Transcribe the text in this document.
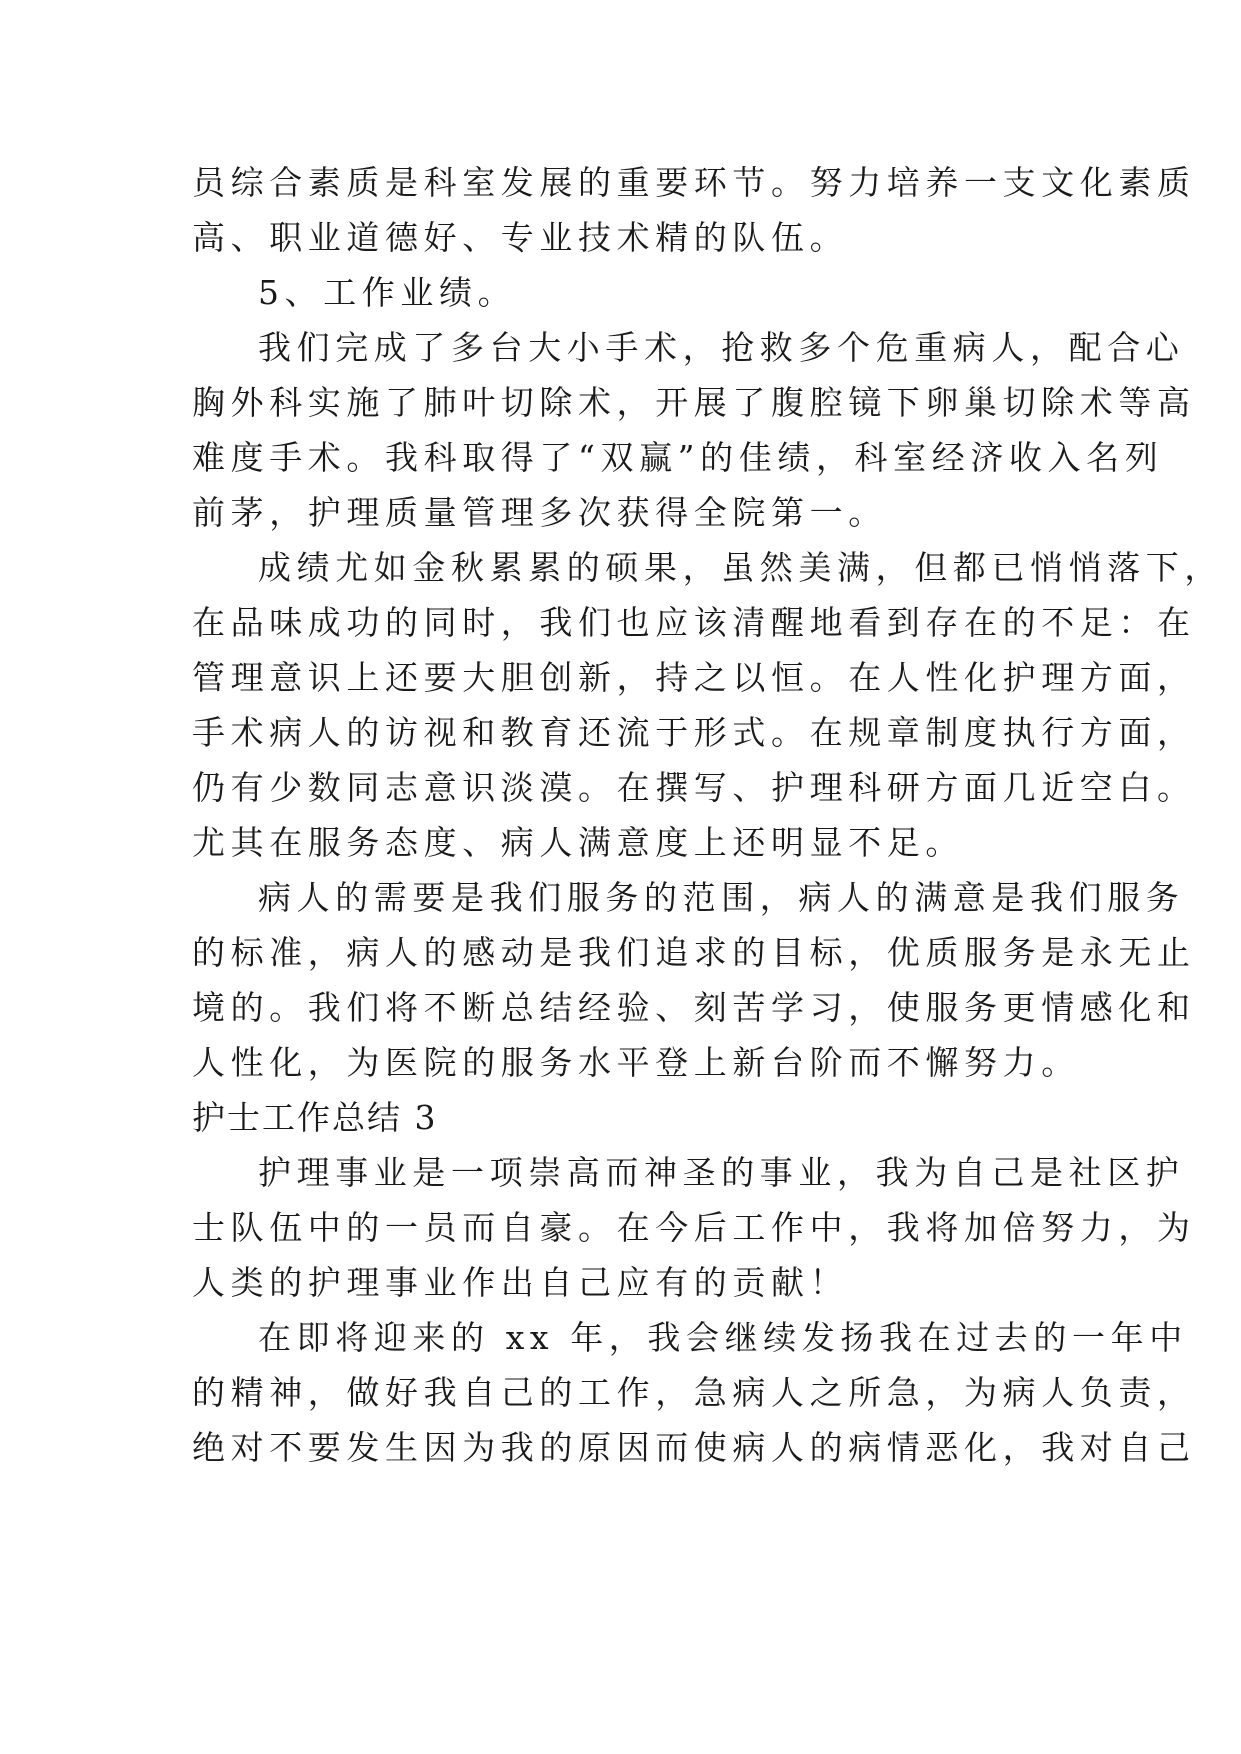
员综合素质是科室发展的重要环节。努力培养一支文化素质
高、职业道德好、专业技术精的队伍。
5、工作业绩。
我们完成了多台大小手术，抢救多个危重病人，配合心
胸外科实施了肺叶切除术，开展了腹腔镜下卵巢切除术等高
难度手术。我科取得了“双赢”的佳绩，科室经济收入名列
前茅，护理质量管理多次获得全院第一。
成绩尤如金秋累累的硕果，虽然美满，但都已悄悄落下，
在品味成功的同时，我们也应该清醒地看到存在的不足：在
管理意识上还要大胆创新，持之以恒。在人性化护理方面，
手术病人的访视和教育还流于形式。在规章制度执行方面，
仍有少数同志意识淡漠。在撰写、护理科研方面几近空白。
尤其在服务态度、病人满意度上还明显不足。
病人的需要是我们服务的范围，病人的满意是我们服务
的标准，病人的感动是我们追求的目标，优质服务是永无止
境的。我们将不断总结经验、刻苦学习，使服务更情感化和
人性化，为医院的服务水平登上新台阶而不懈努力。
护士工作总结 3
护理事业是一项崇高而神圣的事业，我为自己是社区护
士队伍中的一员而自豪。在今后工作中，我将加倍努力，为
人类的护理事业作出自己应有的贡献！
在即将迎来的 xx 年，我会继续发扬我在过去的一年中
的精神，做好我自己的工作，急病人之所急，为病人负责，
绝对不要发生因为我的原因而使病人的病情恶化，我对自己
